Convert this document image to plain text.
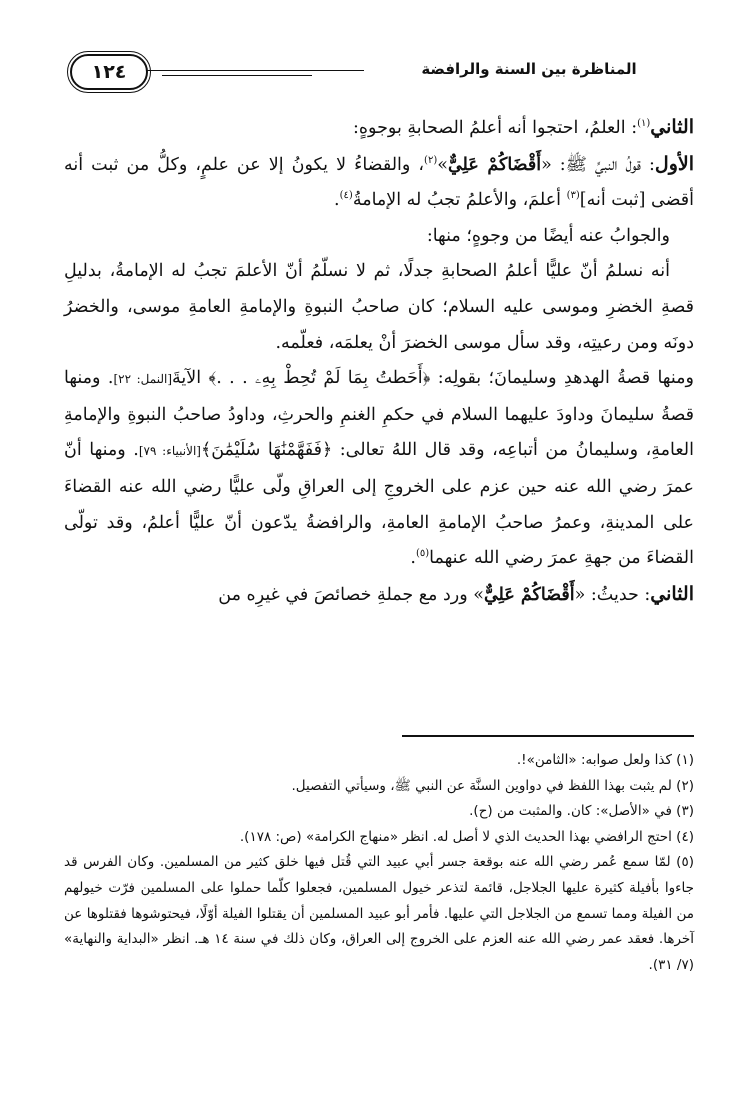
١٢٤	المناظرة بين السنة والرافضة

الثاني$^{(١)}$: العلمُ، احتجوا أنه أعلمُ الصحابةِ بوجوهٍ:

الأول: قولُ النبيِّ ﷺ: «أَقْضَاكُمْ عَلِيٌّ»$^{(٢)}$، والقضاءُ لا يكونُ إلا عن علمٍ، وكلُّ من ثبت أنه أقضى [ثبت أنه]$^{(٣)}$ أعلمَ، والأعلمُ تجبُ له الإمامةُ$^{(٤)}$.

والجوابُ عنه أيضًا من وجوهٍ؛ منها:

أنه نسلمُ أنّ عليًّا أعلمُ الصحابةِ جدلًا، ثم لا نسلّمُ أنّ الأعلمَ تجبُ له الإمامةُ، بدليلِ قصةِ الخضرِ وموسى عليه السلام؛ كان صاحبُ النبوةِ والإمامةِ العامةِ موسى، والخضرُ دونَه ومن رعيتِه، وقد سأل موسى الخضرَ أنْ يعلمَه، فعلّمه.

ومنها قصةُ الهدهدِ وسليمانَ؛ بقولِه: ﴿أَحَطتُ بِمَا لَمْ تُحِطْ بِهِۦ . . .﴾ الآيةَ[النمل: ٢٢]. ومنها قصةُ سليمانَ وداودَ عليهما السلام في حكمِ الغنمِ والحرثِ، وداودُ صاحبُ النبوةِ والإمامةِ العامةِ، وسليمانُ من أتباعِه، وقد قال اللهُ تعالى: ﴿فَفَهَّمْنَٰهَا سُلَيْمَٰنَ﴾[الأنبياء: ٧٩]. ومنها أنّ عمرَ رضي الله عنه حين عزم على الخروجِ إلى العراقِ ولّى عليًّا رضي الله عنه القضاءَ على المدينةِ، وعمرُ صاحبُ الإمامةِ العامةِ، والرافضةُ يدّعون أنّ عليًّا أعلمُ، وقد تولّى القضاءَ من جهةِ عمرَ رضي الله عنهما$^{(٥)}$.

الثاني: حديثُ: «أَقْضَاكُمْ عَلِيٌّ» ورد مع جملةِ خصائصَ في غيرِه من

(١) كذا ولعل صوابه: «الثامن»!.

(٢) لم يثبت بهذا اللفظ في دواوين السنَّة عن النبي ﷺ، وسيأتي التفصيل.

(٣) في «الأصل»: كان. والمثبت من (ح).

(٤) احتج الرافضي بهذا الحديث الذي لا أصل له. انظر «منهاج الكرامة» (ص: ١٧٨).

(٥) لمّا سمع عُمر رضي الله عنه بوقعة جسر أبي عبيد التي قُتل فيها خلق كثير من المسلمين. وكان الفرس قد جاءوا بأفيلة كثيرة عليها الجلاجل، قائمة لتذعر خيول المسلمين، فجعلوا كلّما حملوا على المسلمين فرّت خيولهم من الفيلة ومما تسمع من الجلاجل التي عليها. فأمر أبو عبيد المسلمين أن يقتلوا الفيلة أوّلًا، فيحتوشوها فقتلوها عن آخرها. فعقد عمر رضي الله عنه العزم على الخروج إلى العراق، وكان ذلك في سنة ١٤ هـ. انظر «البداية والنهاية» (٧/ ٣١).
